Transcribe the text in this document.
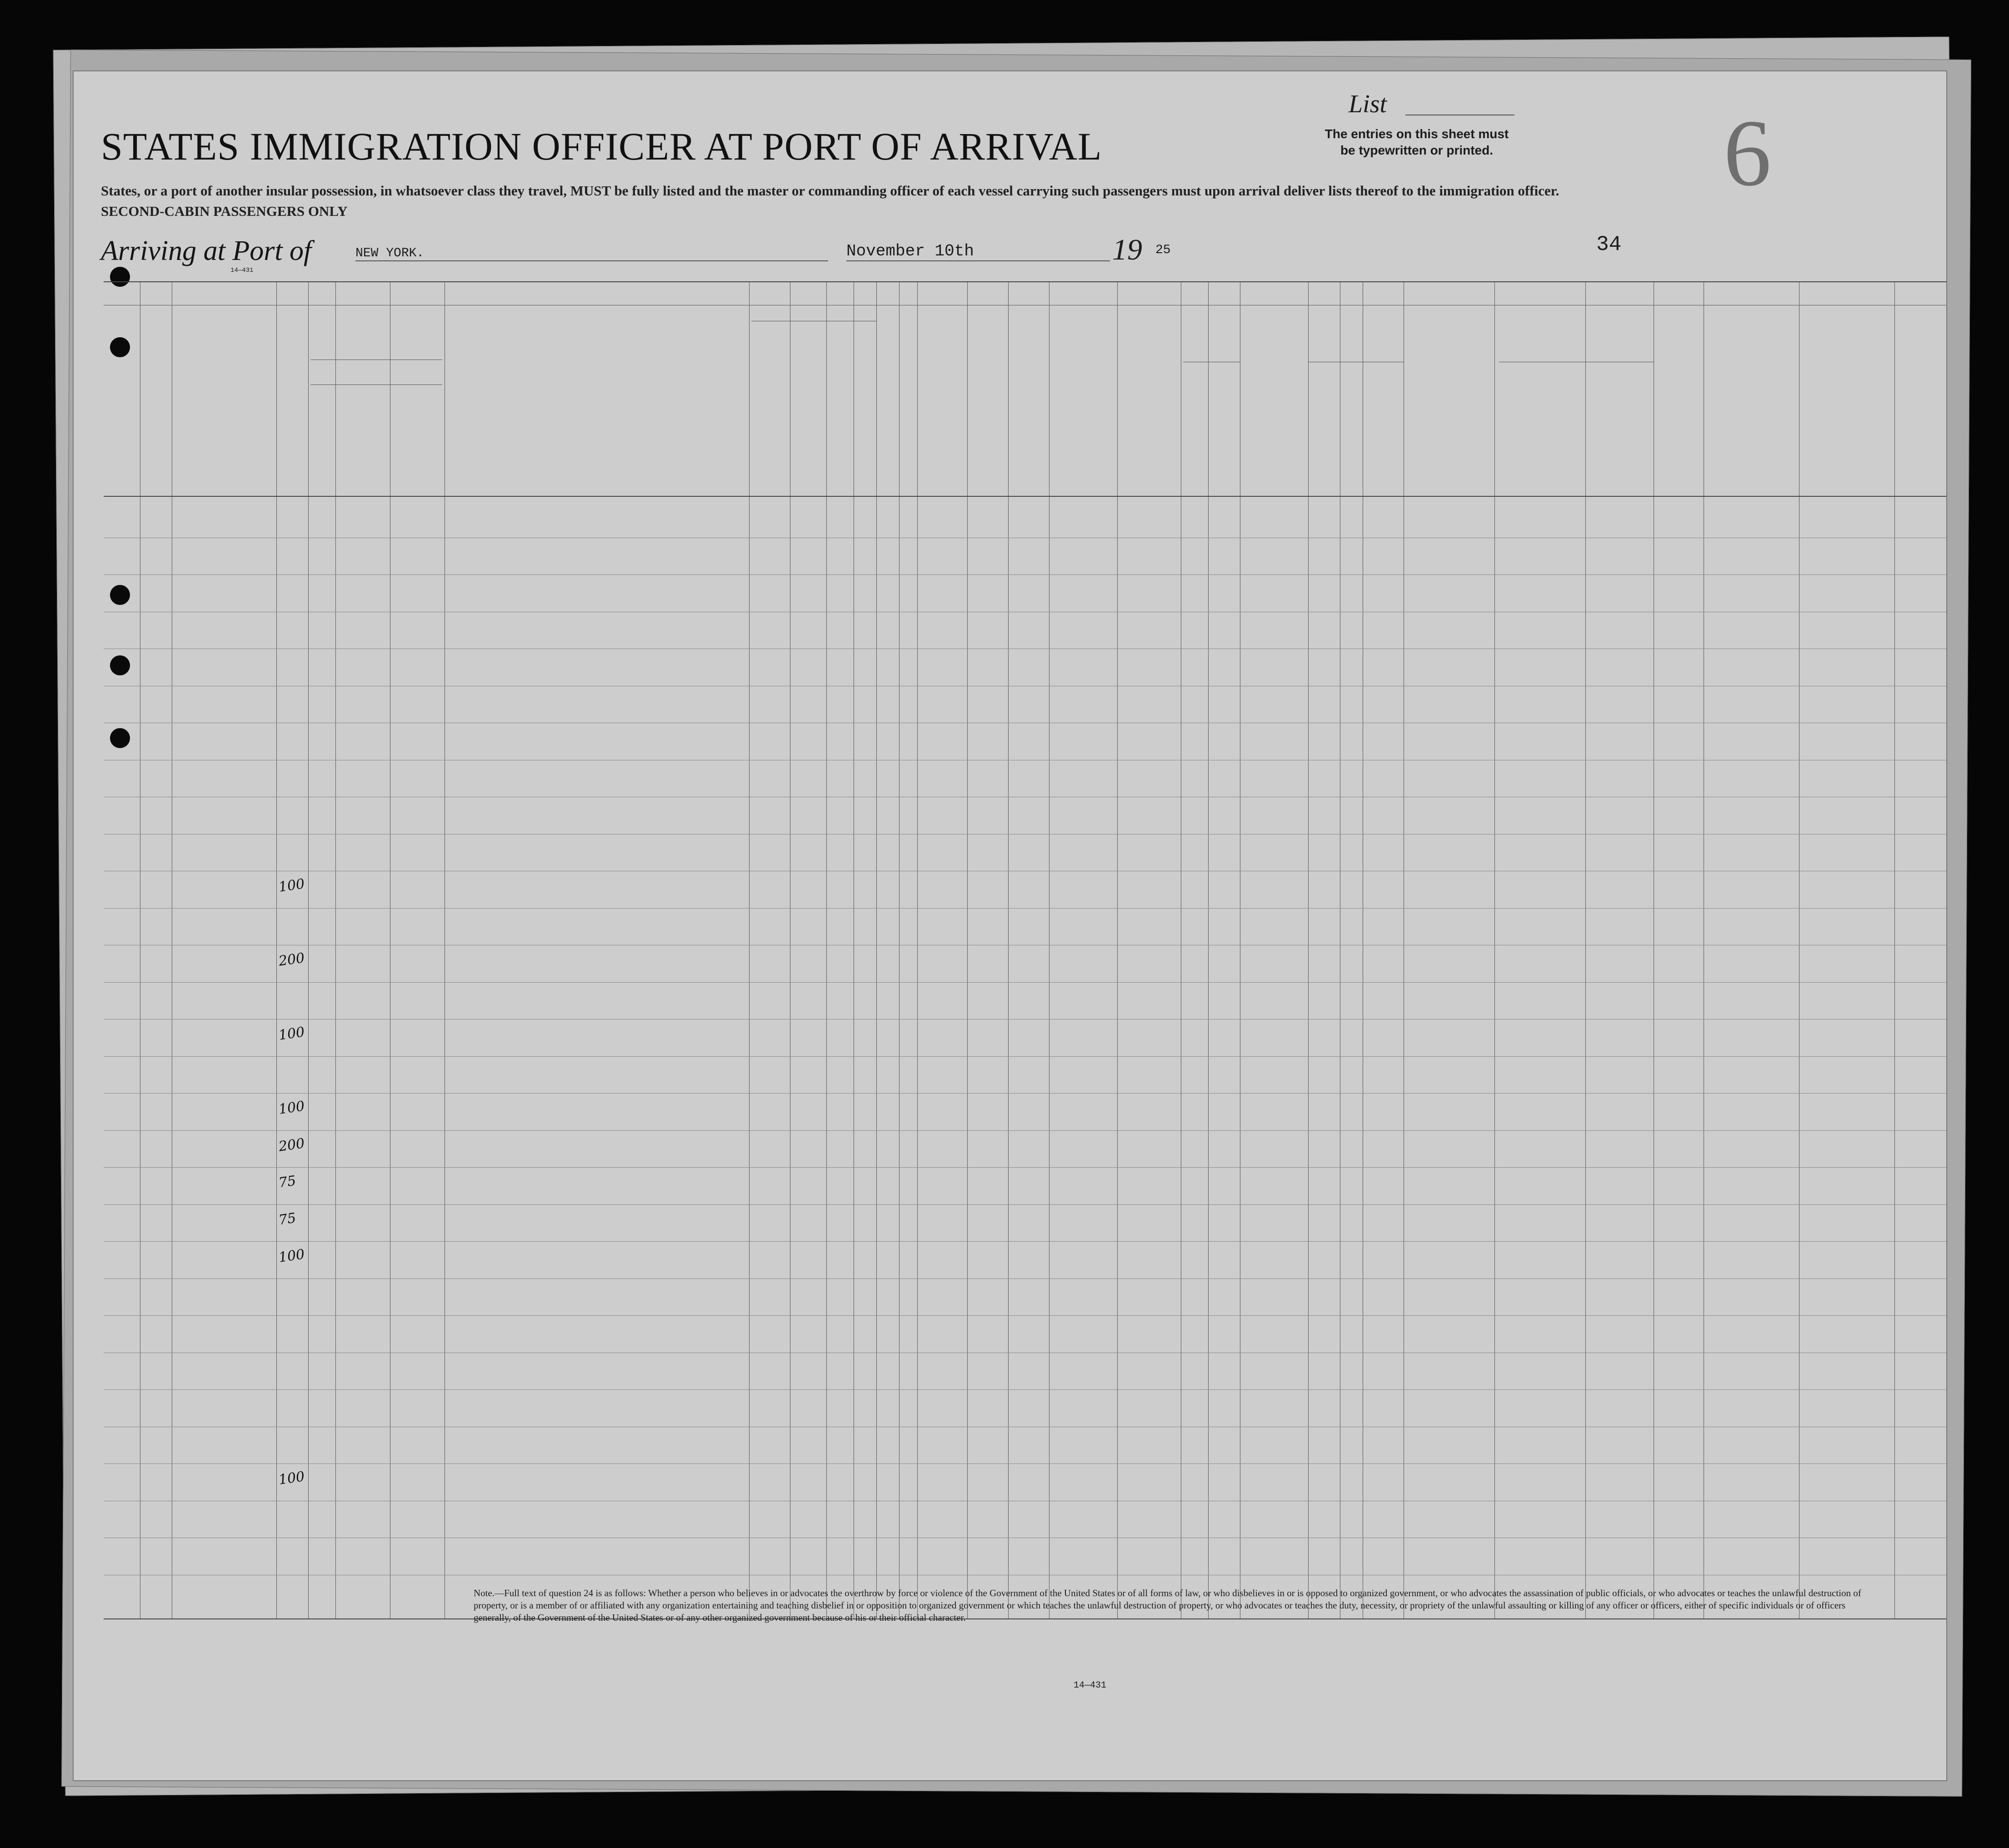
STATES IMMIGRATION OFFICER AT PORT OF ARRIVAL
States, or a port of another insular possession, in whatsoever class they travel, MUST be fully listed and the master or commanding officer of each vessel carrying such passengers must upon arrival deliver lists thereof to the immigration officer.
SECOND-CABIN PASSENGERS ONLY
Arriving at Port of	NEW YORK.	November 10th	19 25
14—431
List
The entries on this sheet must be typewritten or printed. 6
34
100
200
100
100
200
75
75
100
100
Note.—Full text of question 24 is as follows: Whether a person who believes in or advocates the overthrow by force or violence of the Government of the United States or of all forms of law, or who disbelieves in or is opposed to organized government, or who advocates the assassination of public officials, or who advocates or teaches the unlawful destruction of property, or is a member of or affiliated with any organization entertaining and teaching disbelief in or opposition to organized government or which teaches the unlawful destruction of property, or who advocates or teaches the duty, necessity, or propriety of the unlawful assaulting or killing of any officer or officers, either of specific individuals or of officers generally, of the Government of the United States or of any other organized government because of his or their official character.
14—431
